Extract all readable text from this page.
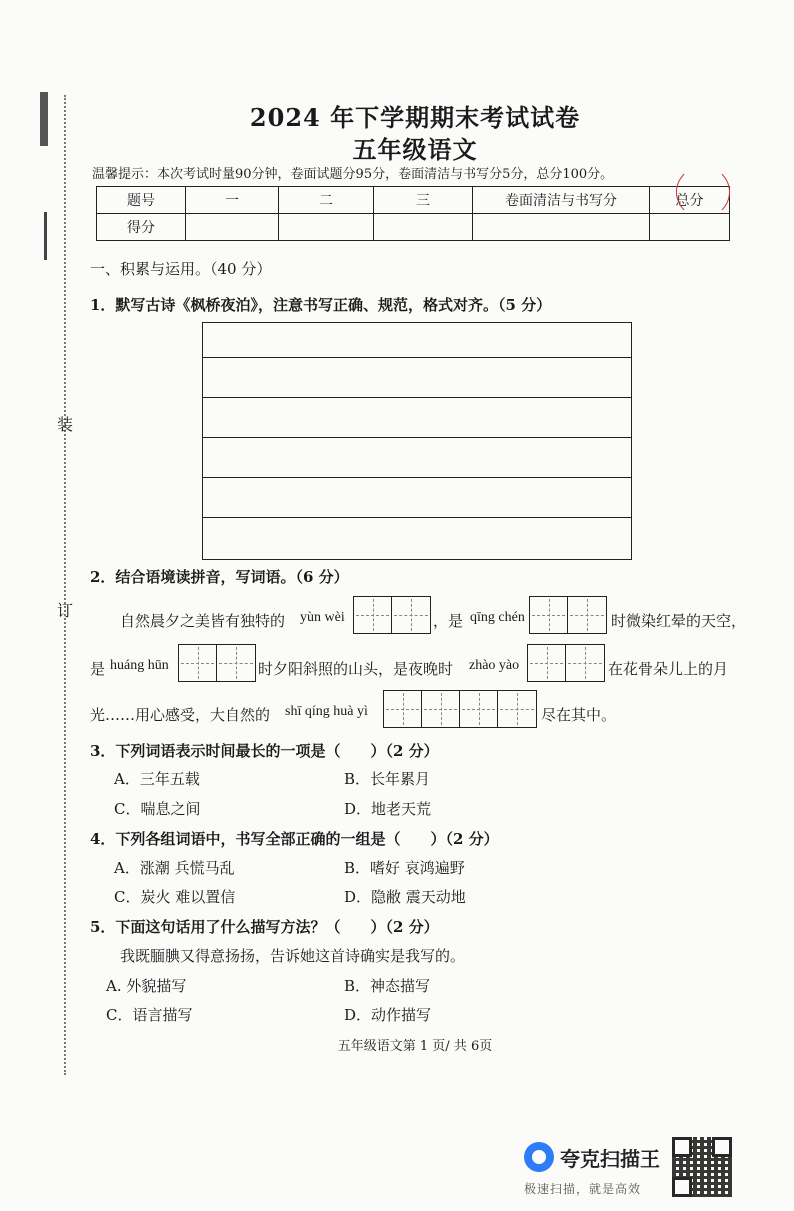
装
订
2024 年下学期期末考试试卷
五年级语文
温馨提示：本次考试时量90分钟，卷面试题分95分，卷面清洁与书写分5分，总分100分。
题号	一	二	三	卷面清洁与书写分	总分
得分					
一、积累与运用。（40 分）
1．默写古诗《枫桥夜泊》，注意书写正确、规范，格式对齐。（5 分）
2．结合语境读拼音，写词语。（6 分）
自然晨夕之美皆有独特的 yùn wèi	，是 qīng chén	时微染红晕的天空，
是 huáng hūn	时夕阳斜照的山头，是夜晚时 zhào yào	在花骨朵儿上的月
光……用心感受，大自然的 shī qíng huà yì	尽在其中。
3．下列词语表示时间最长的一项是（　　）（2 分）
A．三年五载	B．长年累月
C．喘息之间	D．地老天荒
4．下列各组词语中，书写全部正确的一组是（　　）（2 分）
A．涨潮 兵慌马乱	B．嗜好 哀鸿遍野
C．炭火 难以置信	D．隐敝 震天动地
5．下面这句话用了什么描写方法？（　　）（2 分）
我既腼腆又得意扬扬，告诉她这首诗确实是我写的。
A. 外貌描写	B．神态描写
C．语言描写	D．动作描写
五年级语文第 1 页/ 共 6页
夸克扫描王
极速扫描，就是高效
